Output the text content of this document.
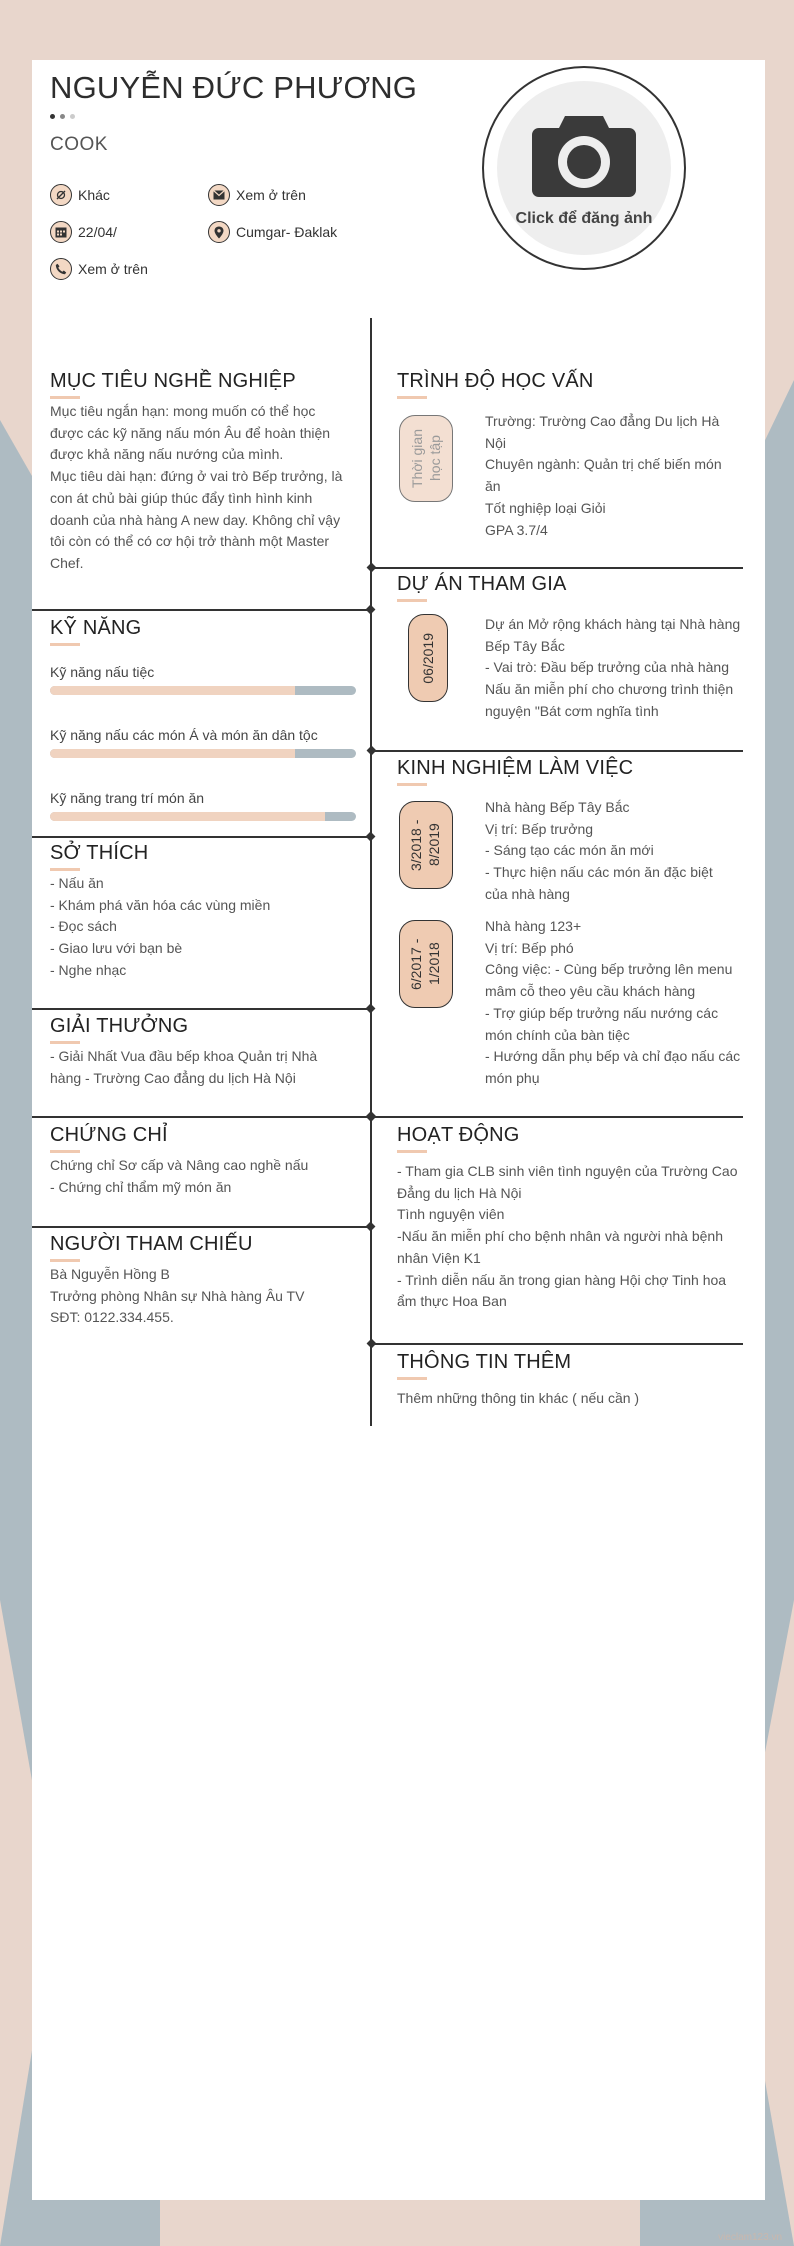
NGUYỄN ĐỨC PHƯƠNG
COOK
Khác	Xem ở trên
22/04/	Cumgar- Đaklak
Xem ở trên
Click để đăng ảnh
MỤC TIÊU NGHỀ NGHIỆP
Mục tiêu ngắn hạn: mong muốn có thể học
được các kỹ năng nấu món Âu để hoàn thiện
được khả năng nấu nướng của mình.
Mục tiêu dài hạn: đứng ở vai trò Bếp trưởng, là
con át chủ bài giúp thúc đẩy tình hình kinh
doanh của nhà hàng A new day. Không chỉ vậy
tôi còn có thể có cơ hội trở thành một Master
Chef.
KỸ NĂNG
Kỹ năng nấu tiệc
Kỹ năng nấu các món Á và món ăn dân tộc
Kỹ năng trang trí món ăn
SỞ THÍCH
- Nấu ăn
- Khám phá văn hóa các vùng miền
- Đọc sách
- Giao lưu với bạn bè
- Nghe nhạc
GIẢI THƯỞNG
- Giải Nhất Vua đầu bếp khoa Quản trị Nhà
hàng - Trường Cao đẳng du lịch Hà Nội
CHỨNG CHỈ
Chứng chỉ Sơ cấp và Nâng cao nghề nấu
- Chứng chỉ thẩm mỹ món ăn
NGƯỜI THAM CHIẾU
Bà Nguyễn Hồng B
Trưởng phòng Nhân sự Nhà hàng Âu TV
SĐT: 0122.334.455.
TRÌNH ĐỘ HỌC VẤN
Thời gian học tập
Trường: Trường Cao đẳng Du lịch Hà
Nội
Chuyên ngành: Quản trị chế biến món
ăn
Tốt nghiệp loại Giỏi
GPA 3.7/4
DỰ ÁN THAM GIA
06/2019
Dự án Mở rộng khách hàng tại Nhà hàng
Bếp Tây Bắc
- Vai trò: Đầu bếp trưởng của nhà hàng
Nấu ăn miễn phí cho chương trình thiện
nguyện "Bát cơm nghĩa tình
KINH NGHIỆM LÀM VIỆC
3/2018 - 8/2019
Nhà hàng Bếp Tây Bắc
Vị trí: Bếp trưởng
- Sáng tạo các món ăn mới
- Thực hiện nấu các món ăn đặc biệt
của nhà hàng
6/2017 - 1/2018
Nhà hàng 123+
Vị trí: Bếp phó
Công việc: - Cùng bếp trưởng lên menu
mâm cỗ theo yêu cầu khách hàng
- Trợ giúp bếp trưởng nấu nướng các
món chính của bàn tiệc
- Hướng dẫn phụ bếp và chỉ đạo nấu các
món phụ
HOẠT ĐỘNG
- Tham gia CLB sinh viên tình nguyện của Trường Cao
Đẳng du lịch Hà Nội
Tình nguyện viên
-Nấu ăn miễn phí cho bệnh nhân và người nhà bệnh
nhân Viện K1
- Trình diễn nấu ăn trong gian hàng Hội chợ Tinh hoa
ẩm thực Hoa Ban
THÔNG TIN THÊM
Thêm những thông tin khác ( nếu cần )
vieclam123.vn
